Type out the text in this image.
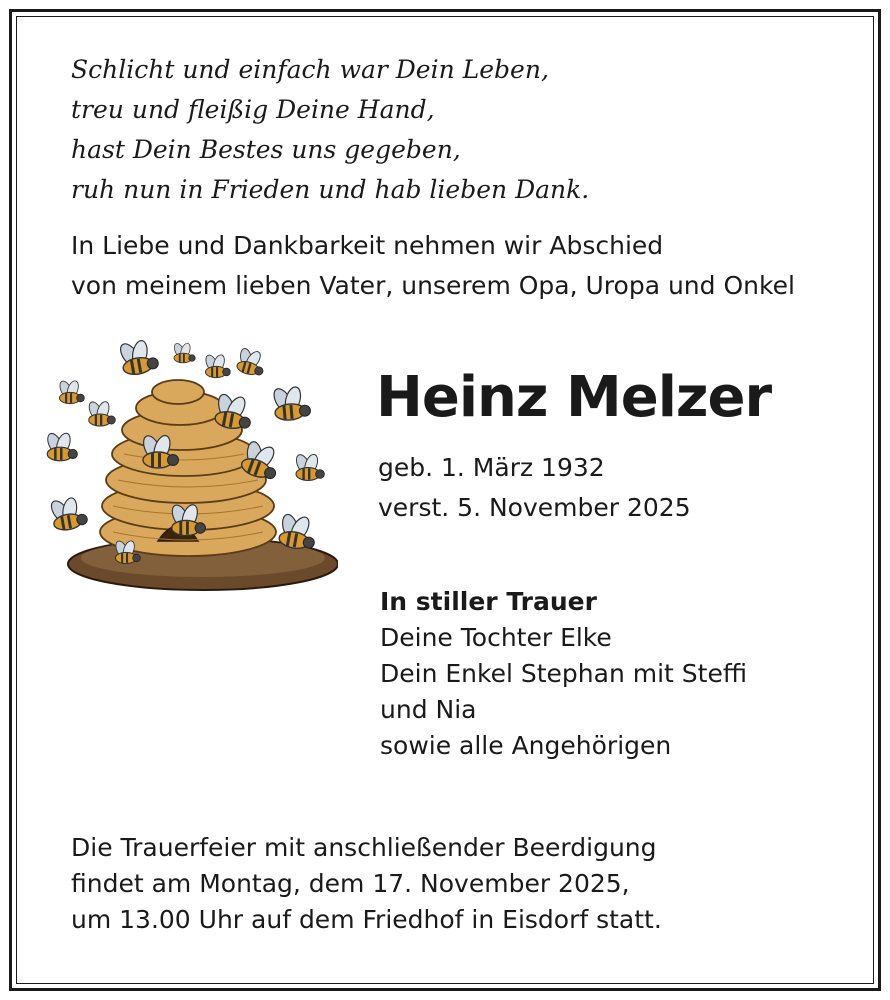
Schlicht und einfach war Dein Leben,
treu und fleißig Deine Hand,
hast Dein Bestes uns gegeben,
ruh nun in Frieden und hab lieben Dank.
In Liebe und Dankbarkeit nehmen wir Abschied
von meinem lieben Vater, unserem Opa, Uropa und Onkel
Heinz Melzer
geb. 1. März 1932
verst. 5. November 2025
In stiller Trauer
Deine Tochter Elke
Dein Enkel Stephan mit Steffi
und Nia
sowie alle Angehörigen
Die Trauerfeier mit anschließender Beerdigung
findet am Montag, dem 17. November 2025,
um 13.00 Uhr auf dem Friedhof in Eisdorf statt.
